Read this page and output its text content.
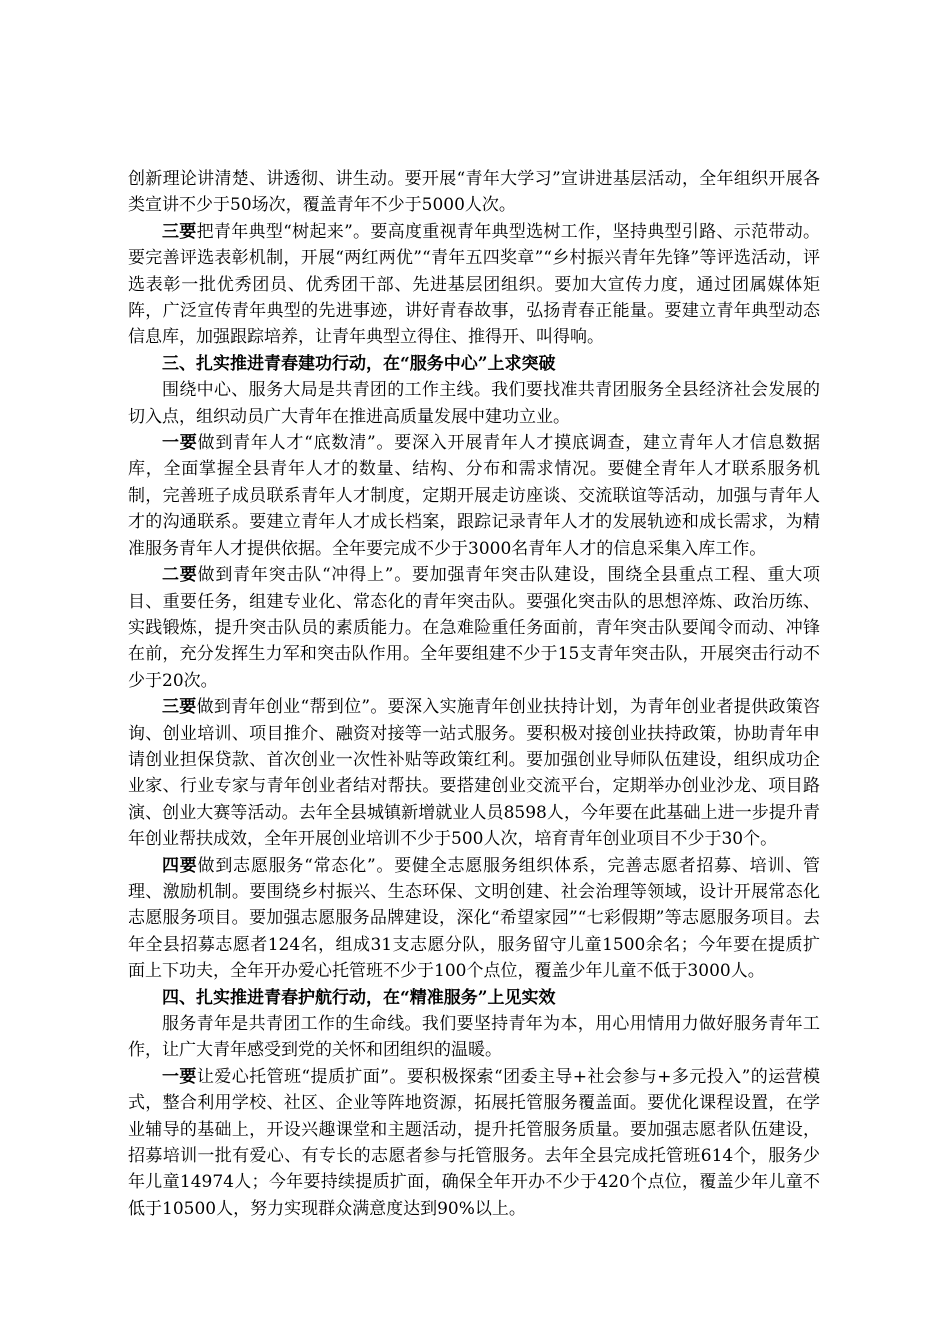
创新理论讲清楚、讲透彻、讲生动。要开展“青年大学习”宣讲进基层活动，全年组织开展各类宣讲不少于50场次，覆盖青年不少于5000人次。

三要把青年典型“树起来”。要高度重视青年典型选树工作，坚持典型引路、示范带动。要完善评选表彰机制，开展“两红两优”“青年五四奖章”“乡村振兴青年先锋”等评选活动，评选表彰一批优秀团员、优秀团干部、先进基层团组织。要加大宣传力度，通过团属媒体矩阵，广泛宣传青年典型的先进事迹，讲好青春故事，弘扬青春正能量。要建立青年典型动态信息库，加强跟踪培养，让青年典型立得住、推得开、叫得响。

三、扎实推进青春建功行动，在“服务中心”上求突破

围绕中心、服务大局是共青团的工作主线。我们要找准共青团服务全县经济社会发展的切入点，组织动员广大青年在推进高质量发展中建功立业。

一要做到青年人才“底数清”。要深入开展青年人才摸底调查，建立青年人才信息数据库，全面掌握全县青年人才的数量、结构、分布和需求情况。要健全青年人才联系服务机制，完善班子成员联系青年人才制度，定期开展走访座谈、交流联谊等活动，加强与青年人才的沟通联系。要建立青年人才成长档案，跟踪记录青年人才的发展轨迹和成长需求，为精准服务青年人才提供依据。全年要完成不少于3000名青年人才的信息采集入库工作。

二要做到青年突击队“冲得上”。要加强青年突击队建设，围绕全县重点工程、重大项目、重要任务，组建专业化、常态化的青年突击队。要强化突击队的思想淬炼、政治历练、实践锻炼，提升突击队员的素质能力。在急难险重任务面前，青年突击队要闻令而动、冲锋在前，充分发挥生力军和突击队作用。全年要组建不少于15支青年突击队，开展突击行动不少于20次。

三要做到青年创业“帮到位”。要深入实施青年创业扶持计划，为青年创业者提供政策咨询、创业培训、项目推介、融资对接等一站式服务。要积极对接创业扶持政策，协助青年申请创业担保贷款、首次创业一次性补贴等政策红利。要加强创业导师队伍建设，组织成功企业家、行业专家与青年创业者结对帮扶。要搭建创业交流平台，定期举办创业沙龙、项目路演、创业大赛等活动。去年全县城镇新增就业人员8598人，今年要在此基础上进一步提升青年创业帮扶成效，全年开展创业培训不少于500人次，培育青年创业项目不少于30个。

四要做到志愿服务“常态化”。要健全志愿服务组织体系，完善志愿者招募、培训、管理、激励机制。要围绕乡村振兴、生态环保、文明创建、社会治理等领域，设计开展常态化志愿服务项目。要加强志愿服务品牌建设，深化“希望家园”“七彩假期”等志愿服务项目。去年全县招募志愿者124名，组成31支志愿分队，服务留守儿童1500余名；今年要在提质扩面上下功夫，全年开办爱心托管班不少于100个点位，覆盖少年儿童不低于3000人。

四、扎实推进青春护航行动，在“精准服务”上见实效

服务青年是共青团工作的生命线。我们要坚持青年为本，用心用情用力做好服务青年工作，让广大青年感受到党的关怀和团组织的温暖。

一要让爱心托管班“提质扩面”。要积极探索“团委主导+社会参与+多元投入”的运营模式，整合利用学校、社区、企业等阵地资源，拓展托管服务覆盖面。要优化课程设置，在学业辅导的基础上，开设兴趣课堂和主题活动，提升托管服务质量。要加强志愿者队伍建设，招募培训一批有爱心、有专长的志愿者参与托管服务。去年全县完成托管班614个，服务少年儿童14974人；今年要持续提质扩面，确保全年开办不少于420个点位，覆盖少年儿童不低于10500人，努力实现群众满意度达到90%以上。
